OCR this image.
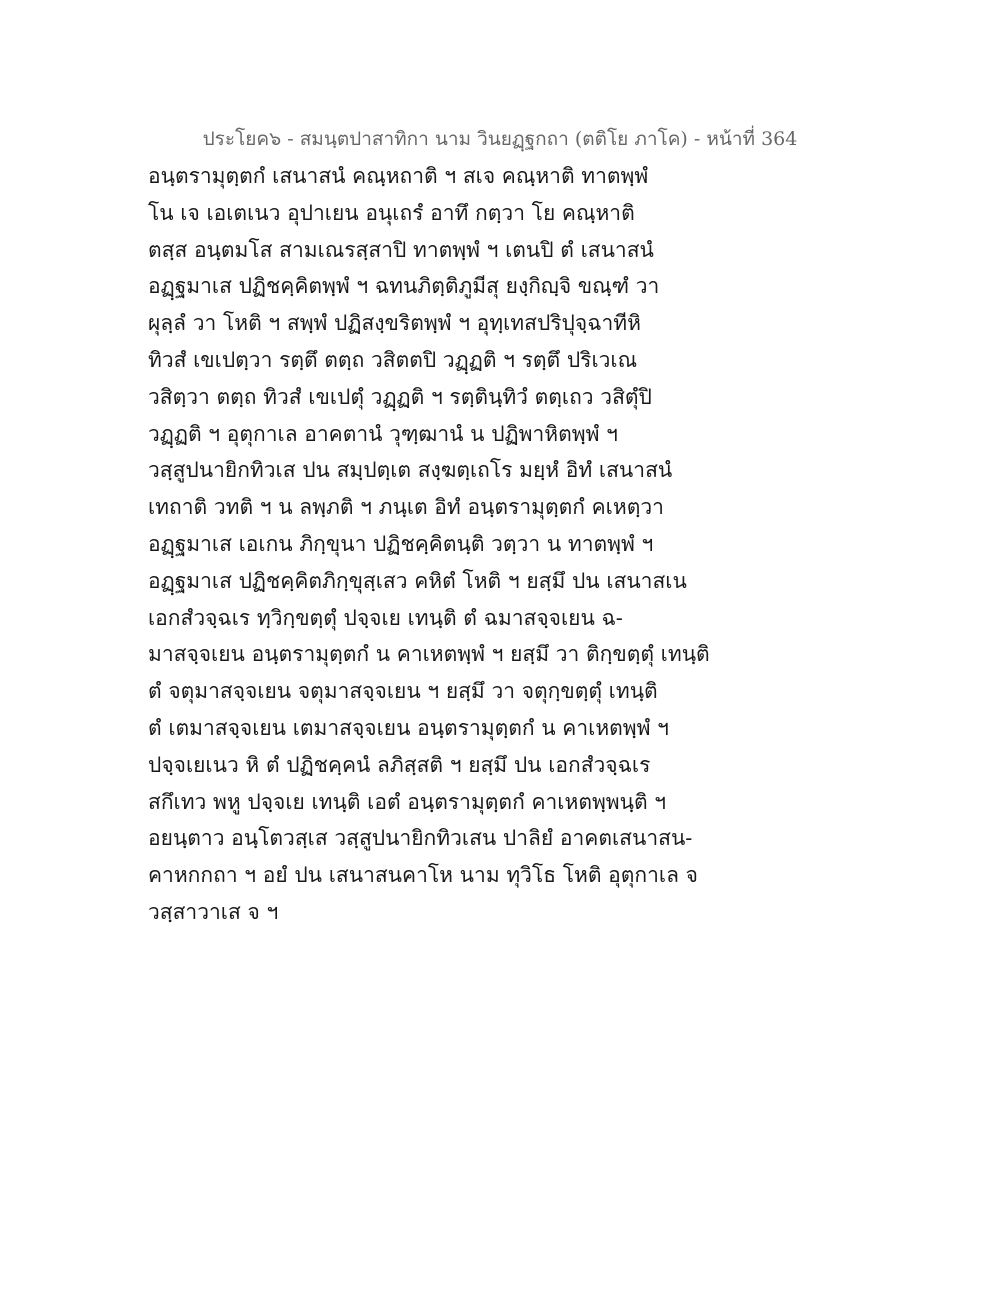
ประโยค๖ - สมนฺตปาสาทิกา นาม วินยฏฺฐกถา (ตติโย ภาโค) - หน้าที่ 364
อนฺตรามุตฺตกํ เสนาสนํ คณฺหถาติ ฯ สเจ คณฺหาติ ทาตพฺพํ
โน เจ เอเตเนว อุปาเยน อนุเถรํ อาทึ กตฺวา โย คณฺหาติ
ตสฺส อนฺตมโส สามเณรสฺสาปิ ทาตพฺพํ ฯ เตนปิ ตํ เสนาสนํ
อฏฺฐมาเส ปฏิชคฺคิตพฺพํ ฯ ฉทนภิตฺติภูมีสุ ยงฺกิญฺจิ ขณฺฑํ วา
ผุลฺลํ วา โหติ ฯ สพฺพํ ปฏิสงฺขริตพฺพํ ฯ อุทฺเทสปริปุจฺฉาทีหิ
ทิวสํ เขเปตฺวา รตฺตึ ตตฺถ วสิตตปิ วฏฺฏติ ฯ รตฺตึ ปริเวเณ
วสิตฺวา ตตฺถ ทิวสํ เขเปตุํ วฏฺฏติ ฯ รตฺตินฺทิวํ ตตฺเถว วสิตุํปิ
วฏฺฏติ ฯ อุตุกาเล อาคตานํ วุฑฺฒานํ น ปฏิพาหิตพฺพํ ฯ
วสฺสูปนายิกทิวเส ปน สมฺปตฺเต สงฺฆตฺเถโร มยฺหํ อิทํ เสนาสนํ
เทถาติ วทติ ฯ น ลพฺภติ ฯ ภนฺเต อิทํ อนฺตรามุตฺตกํ คเหตฺวา
อฏฺฐมาเส เอเกน ภิกฺขุนา ปฏิชคฺคิตนฺติ วตฺวา น ทาตพฺพํ ฯ
อฏฺฐมาเส ปฏิชคฺคิตภิกฺขุสฺเสว คหิตํ โหติ ฯ ยสฺมึ ปน เสนาสเน
เอกสํวจฺฉเร ทฺวิกฺขตฺตุํ ปจฺจเย เทนฺติ ตํ ฉมาสจฺจเยน ฉ-
มาสจฺจเยน อนฺตรามุตฺตกํ น คาเหตพฺพํ ฯ ยสฺมึ วา ติกฺขตฺตุํ เทนฺติ
ตํ จตุมาสจฺจเยน จตุมาสจฺจเยน ฯ ยสฺมึ วา จตุกฺขตฺตุํ เทนฺติ
ตํ เตมาสจฺจเยน เตมาสจฺจเยน อนฺตรามุตฺตกํ น คาเหตพฺพํ ฯ
ปจฺจเยเนว หิ ตํ ปฏิชคฺคนํ ลภิสฺสติ ฯ ยสฺมึ ปน เอกสํวจฺฉเร
สกึเทว พหู ปจฺจเย เทนฺติ เอตํ อนฺตรามุตฺตกํ คาเหตพฺพนฺติ ฯ
อยนฺตาว อนฺโตวสฺเส วสฺสูปนายิกทิวเสน ปาลิยํ อาคตเสนาสน-
คาหกกถา ฯ อยํ ปน เสนาสนคาโห นาม ทุวิโธ โหติ อุตุกาเล จ
วสฺสาวาเส จ ฯ
